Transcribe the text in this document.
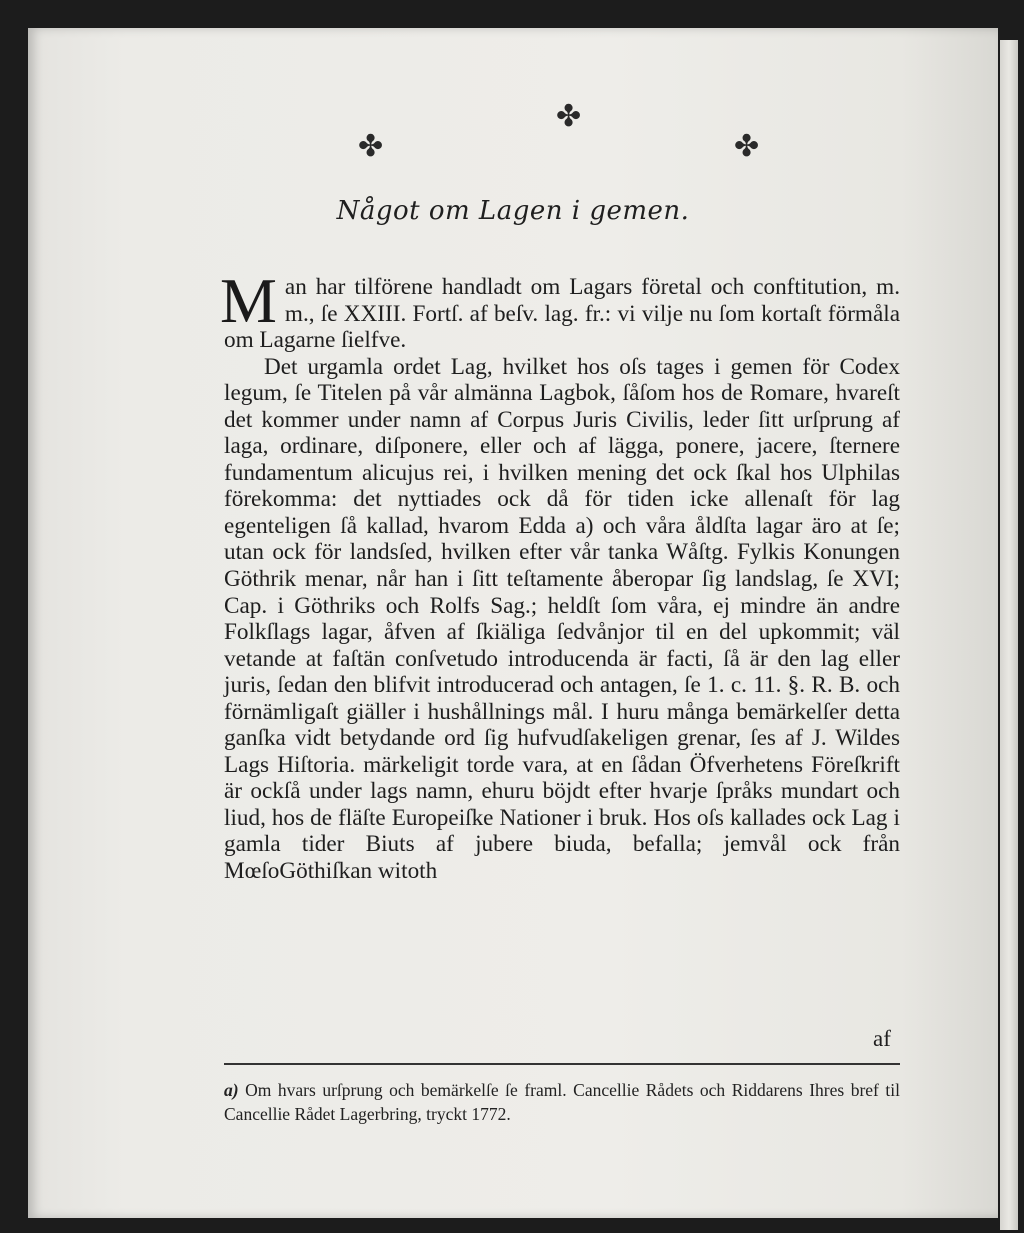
✤
✤
✤
Något om Lagen i gemen.

Man har tilförene handladt om Lagars företal och conftitution, m. m., ſe XXIII. Fortſ. af beſv. lag. fr.: vi vilje nu ſom kortaſt förmåla om Lagarne ſielfve.

Det urgamla ordet Lag, hvilket hos oſs tages i gemen för Codex legum, ſe Titelen på vår almänna Lagbok, ſåſom hos de Romare, hvareſt det kommer under namn af Corpus Juris Civilis, leder ſitt urſprung af laga, ordinare, diſponere, eller och af lägga, ponere, jacere, ſternere fundamentum alicujus rei, i hvilken mening det ock ſkal hos Ulphilas förekomma: det nyttiades ock då för tiden icke allenaſt för lag egenteligen ſå kallad, hvarom Edda a) och våra åldſta lagar äro at ſe; utan ock för landsſed, hvilken efter vår tanka Wåſtg. Fylkis Konungen Göthrik menar, når han i ſitt teſtamente åberopar ſig landslag, ſe XVI; Cap. i Göthriks och Rolfs Sag.; heldſt ſom våra, ej mindre än andre Folkſlags lagar, åfven af ſkiäliga ſedvånjor til en del upkommit; väl vetande at faſtän conſvetudo introducenda är facti, ſå är den lag eller juris, ſedan den blifvit introducerad och antagen, ſe 1. c. 11. §. R. B. och förnämligaſt giäller i hushållnings mål. I huru många bemärkelſer detta ganſka vidt betydande ord ſig hufvudſakeligen grenar, ſes af J. Wildes Lags Hiſtoria. märkeligit torde vara, at en ſådan Öfverhetens Föreſkrift är ockſå under lags namn, ehuru böjdt efter hvarje ſpråks mundart och liud, hos de fläſte Europeiſke Nationer i bruk. Hos oſs kallades ock Lag i gamla tider Biuts af jubere biuda, befalla; jemvål ock från MœſoGöthiſkan witoth

af

a) Om hvars urſprung och bemärkelſe ſe framl. Cancellie Rådets och Riddarens Ihres bref til Cancellie Rådet Lagerbring, tryckt 1772.
